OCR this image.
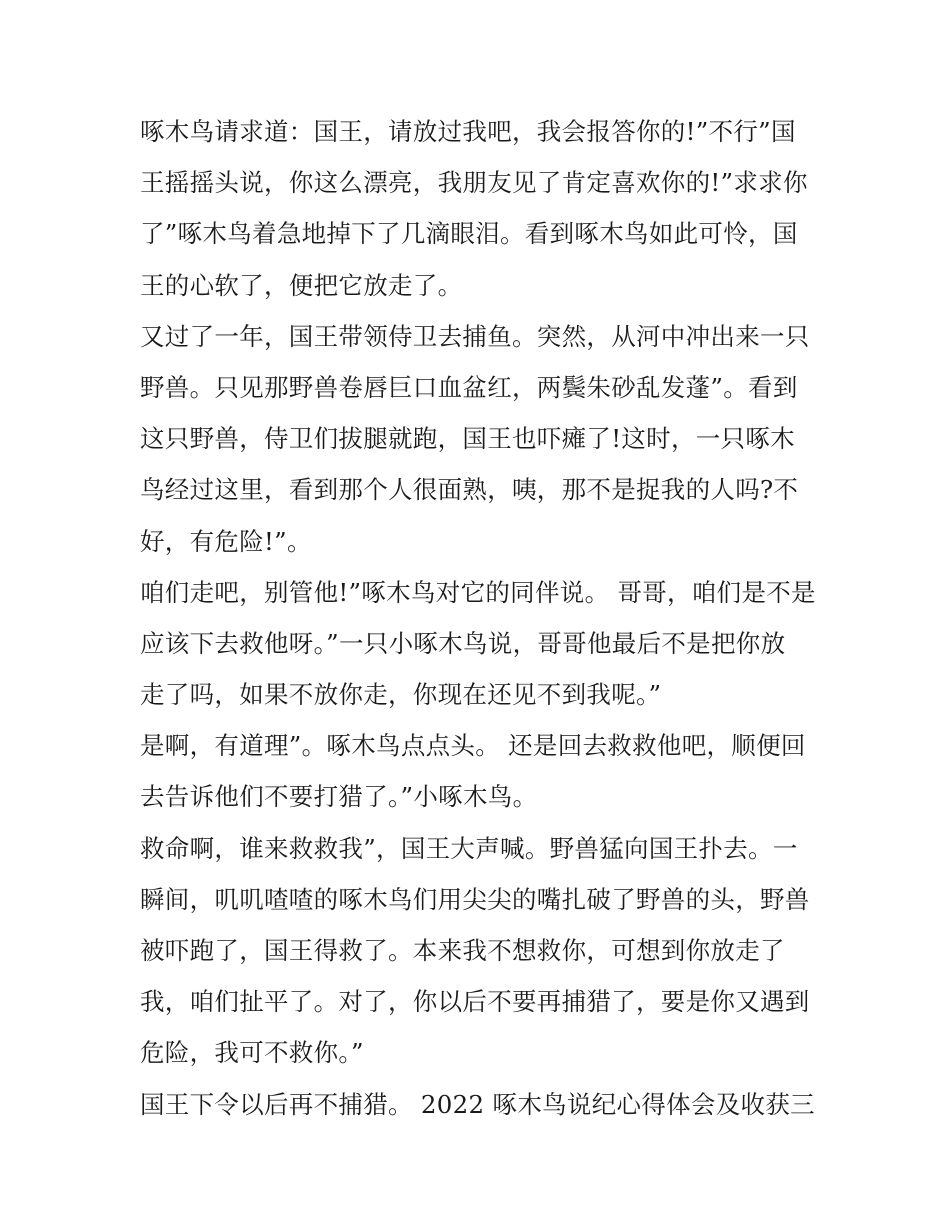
啄木鸟请求道：国王，请放过我吧，我会报答你的!”不行”国
王摇摇头说，你这么漂亮，我朋友见了肯定喜欢你的!”求求你
了”啄木鸟着急地掉下了几滴眼泪。看到啄木鸟如此可怜，国
王的心软了，便把它放走了。
又过了一年，国王带领侍卫去捕鱼。突然，从河中冲出来一只
野兽。只见那野兽卷唇巨口血盆红，两鬓朱砂乱发蓬”。看到
这只野兽，侍卫们拔腿就跑，国王也吓瘫了!这时，一只啄木
鸟经过这里，看到那个人很面熟，咦，那不是捉我的人吗?不
好，有危险!”。
咱们走吧，别管他!”啄木鸟对它的同伴说。 哥哥，咱们是不是
应该下去救他呀。”一只小啄木鸟说，哥哥他最后不是把你放
走了吗，如果不放你走，你现在还见不到我呢。”
是啊，有道理”。啄木鸟点点头。 还是回去救救他吧，顺便回
去告诉他们不要打猎了。”小啄木鸟。
救命啊，谁来救救我”，国王大声喊。野兽猛向国王扑去。一
瞬间，叽叽喳喳的啄木鸟们用尖尖的嘴扎破了野兽的头，野兽
被吓跑了，国王得救了。本来我不想救你，可想到你放走了
我，咱们扯平了。对了，你以后不要再捕猎了，要是你又遇到
危险，我可不救你。”
国王下令以后再不捕猎。 2022 啄木鸟说纪心得体会及收获三
